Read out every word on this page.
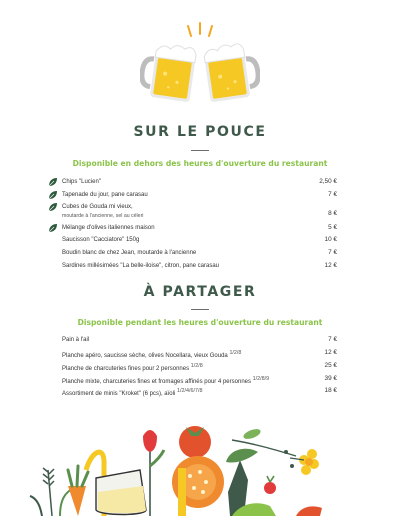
SUR LE POUCE
Disponible en dehors des heures d'ouverture du restaurant
Chips "Lucien"	2,50 €
Tapenade du jour, pane carasau	7 €
Cubes de Gouda mi vieux,
moutarde à l'ancienne, sel au céleri	8 €
Mélange d'olives italiennes maison	5 €
Saucisson "Cacciatore" 150g	10 €
Boudin blanc de chez Jean, moutarde à l'ancienne	7 €
Sardines millésimées "La belle-iloise", citron, pane carasau	12 €
À PARTAGER
Disponible pendant les heures d'ouverture du restaurant
Pain à l'ail	7 €
Planche apéro, saucisse sèche, olives Nocellara, vieux Gouda $^{1/2/8}$	12 €
Planche de charcuteries fines pour 2 personnes $^{1/2/8}$	25 €
Planche mixte, charcuteries fines et fromages affinés pour 4 personnes $^{1/2/8/9}$	39 €
Assortiment de minis "Kroket" (6 pcs), aïoli $^{1/2/4/6/7/8}$	18 €
